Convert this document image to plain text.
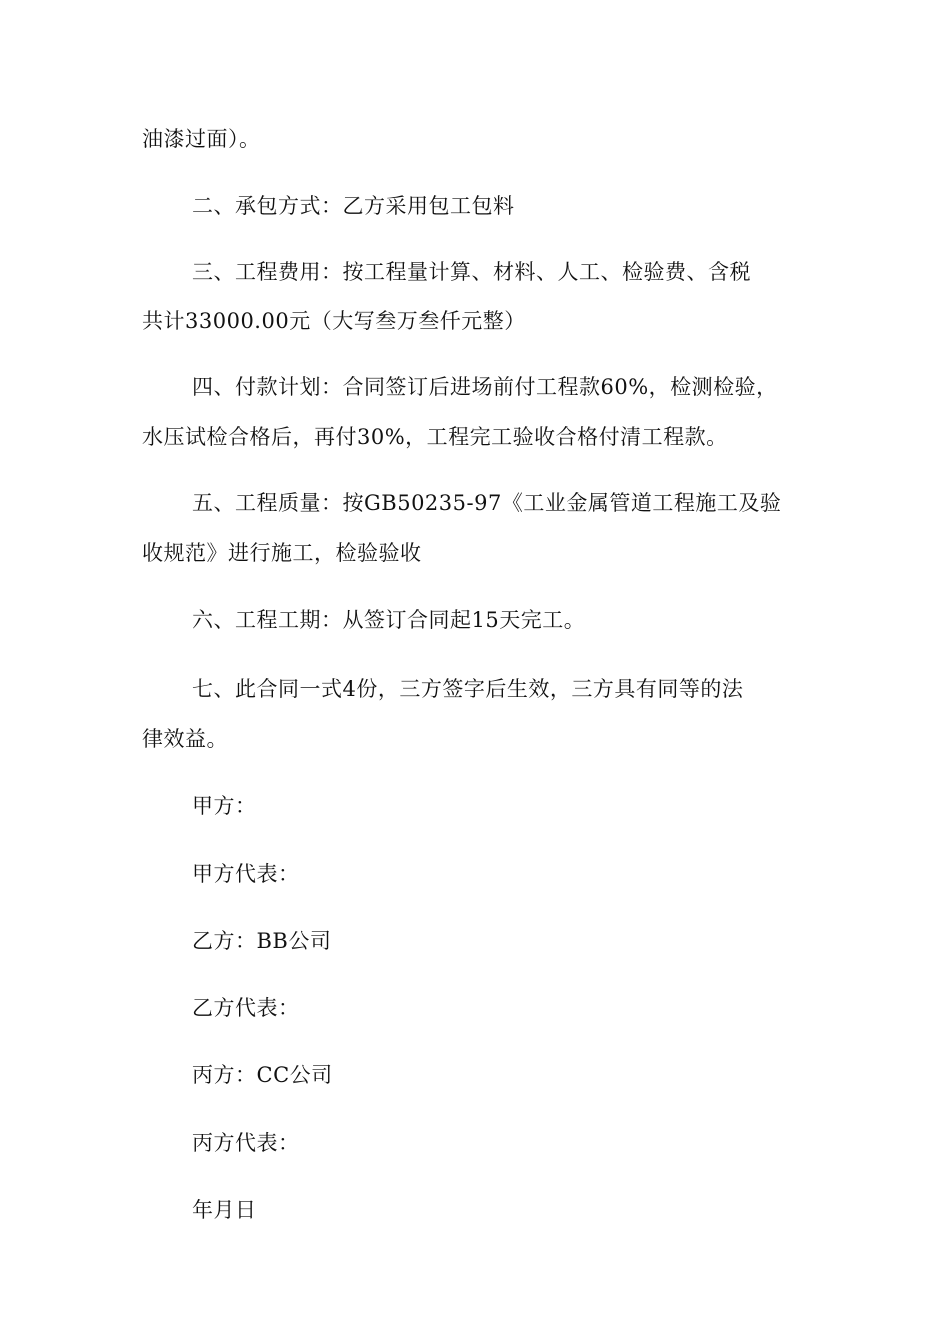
油漆过面）。
二、承包方式：乙方采用包工包料
三、工程费用：按工程量计算、材料、人工、检验费、含税
共计33000.00元（大写叁万叁仟元整）
四、付款计划：合同签订后进场前付工程款60%，检测检验，
水压试检合格后，再付30%，工程完工验收合格付清工程款。
五、工程质量：按GB50235-97《工业金属管道工程施工及验
收规范》进行施工，检验验收
六、工程工期：从签订合同起15天完工。
七、此合同一式4份，三方签字后生效，三方具有同等的法
律效益。
甲方：
甲方代表：
乙方：BB公司
乙方代表：
丙方：CC公司
丙方代表：
年月日
